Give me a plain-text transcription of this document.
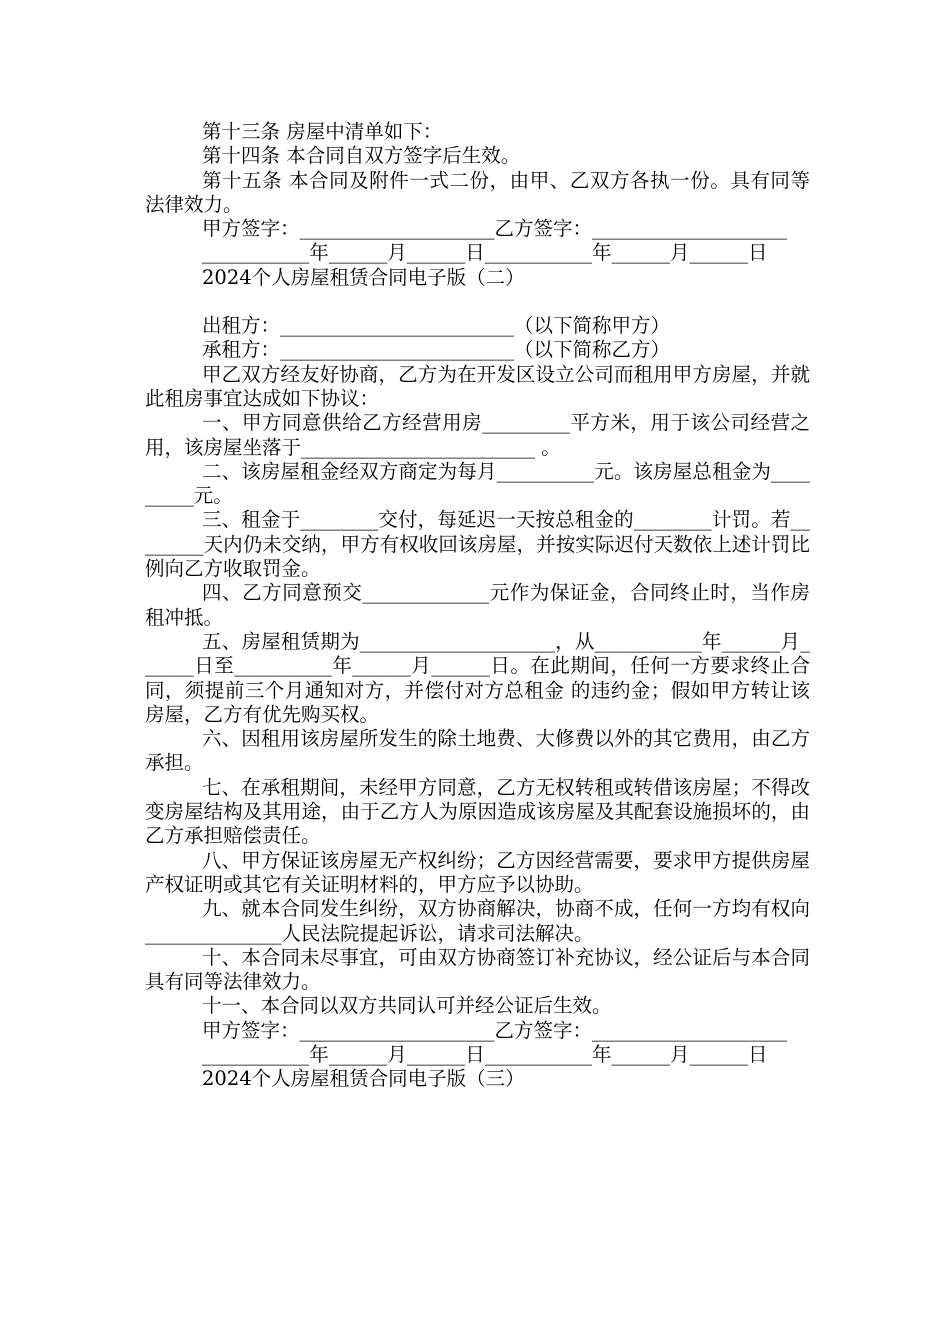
第十三条 房屋中清单如下：

第十四条 本合同自双方签字后生效。

第十五条 本合同及附件一式二份，由甲、乙双方各执一份。具有同等法律效力。

甲方签字：____________________乙方签字：____________________

___________年______月______日___________年______月______日

2024个人房屋租赁合同电子版（二）

出租方：________________________（以下简称甲方）

承租方：________________________（以下简称乙方）

甲乙双方经友好协商，乙方为在开发区设立公司而租用甲方房屋，并就此租房事宜达成如下协议：

一、甲方同意供给乙方经营用房_________平方米，用于该公司经营之用，该房屋坐落于________________________ 。

二、该房屋租金经双方商定为每月__________元。该房屋总租金为_________元。

三、租金于________交付，每延迟一天按总租金的________计罚。若________天内仍未交纳，甲方有权收回该房屋，并按实际迟付天数依上述计罚比例向乙方收取罚金。

四、乙方同意预交_____________元作为保证金，合同终止时，当作房租冲抵。

五、房屋租赁期为____________________，从___________年______月______日至__________年______月______日。在此期间，任何一方要求终止合同，须提前三个月通知对方，并偿付对方总租金 的违约金；假如甲方转让该房屋，乙方有优先购买权。

六、因租用该房屋所发生的除土地费、大修费以外的其它费用，由乙方承担。

七、在承租期间，未经甲方同意，乙方无权转租或转借该房屋；不得改变房屋结构及其用途，由于乙方人为原因造成该房屋及其配套设施损坏的，由乙方承担赔偿责任。

八、甲方保证该房屋无产权纠纷；乙方因经营需要，要求甲方提供房屋产权证明或其它有关证明材料的，甲方应予以协助。

九、就本合同发生纠纷，双方协商解决，协商不成，任何一方均有权向______________人民法院提起诉讼，请求司法解决。

十、本合同未尽事宜，可由双方协商签订补充协议，经公证后与本合同具有同等法律效力。

十一、本合同以双方共同认可并经公证后生效。

甲方签字：____________________乙方签字：____________________

___________年______月______日___________年______月______日

2024个人房屋租赁合同电子版（三）
